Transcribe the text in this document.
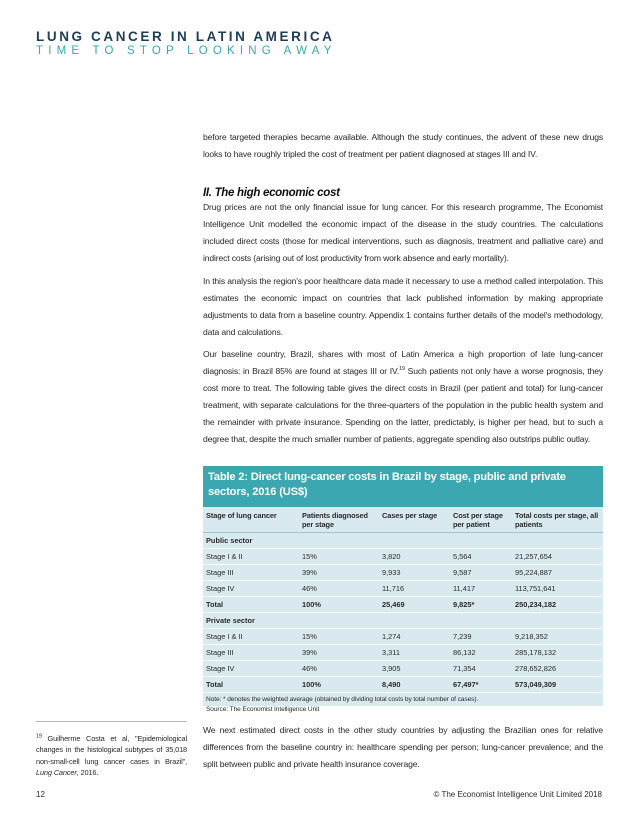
LUNG CANCER IN LATIN AMERICA
TIME TO STOP LOOKING AWAY

before targeted therapies became available. Although the study continues, the advent of these new drugs looks to have roughly tripled the cost of treatment per patient diagnosed at stages III and IV.

II. The high economic cost

Drug prices are not the only financial issue for lung cancer. For this research programme, The Economist Intelligence Unit modelled the economic impact of the disease in the study countries. The calculations included direct costs (those for medical interventions, such as diagnosis, treatment and palliative care) and indirect costs (arising out of lost productivity from work absence and early mortality).

In this analysis the region's poor healthcare data made it necessary to use a method called interpolation. This estimates the economic impact on countries that lack published information by making appropriate adjustments to data from a baseline country. Appendix 1 contains further details of the model's methodology, data and calculations.

Our baseline country, Brazil, shares with most of Latin America a high proportion of late lung-cancer diagnosis: in Brazil 85% are found at stages III or IV.$^{19}$ Such patients not only have a worse prognosis, they cost more to treat. The following table gives the direct costs in Brazil (per patient and total) for lung-cancer treatment, with separate calculations for the three-quarters of the population in the public health system and the remainder with private insurance. Spending on the latter, predictably, is higher per head, but to such a degree that, despite the much smaller number of patients, aggregate spending also outstrips public outlay.

Table 2: Direct lung-cancer costs in Brazil by stage, public and private sectors, 2016 (US$)
Stage of lung cancer	Patients diagnosed per stage	Cases per stage	Cost per stage per patient	Total costs per stage, all patients
Public sector				
Stage I & II	15%	3,820	5,564	21,257,654
Stage III	39%	9,933	9,587	95,224,887
Stage IV	46%	11,716	11,417	113,751,641
Total	100%	25,469	9,825*	250,234,182
Private sector				
Stage I & II	15%	1,274	7,239	9,218,352
Stage III	39%	3,311	86,132	285,178,132
Stage IV	46%	3,905	71,354	278,652,826
Total	100%	8,490	67,497*	573,049,309
Note: * denotes the weighted average (obtained by dividing total costs by total number of cases).
Source: The Economist Intelligence Unit

We next estimated direct costs in the other study countries by adjusting the Brazilian ones for relative differences from the baseline country in: healthcare spending per person; lung-cancer prevalence; and the split between public and private health insurance coverage.

$^{19}$ Guilherme Costa et al, "Epidemiological changes in the histological subtypes of 35,018 non-small-cell lung cancer cases in Brazil", Lung Cancer, 2016.
12	© The Economist Intelligence Unit Limited 2018
